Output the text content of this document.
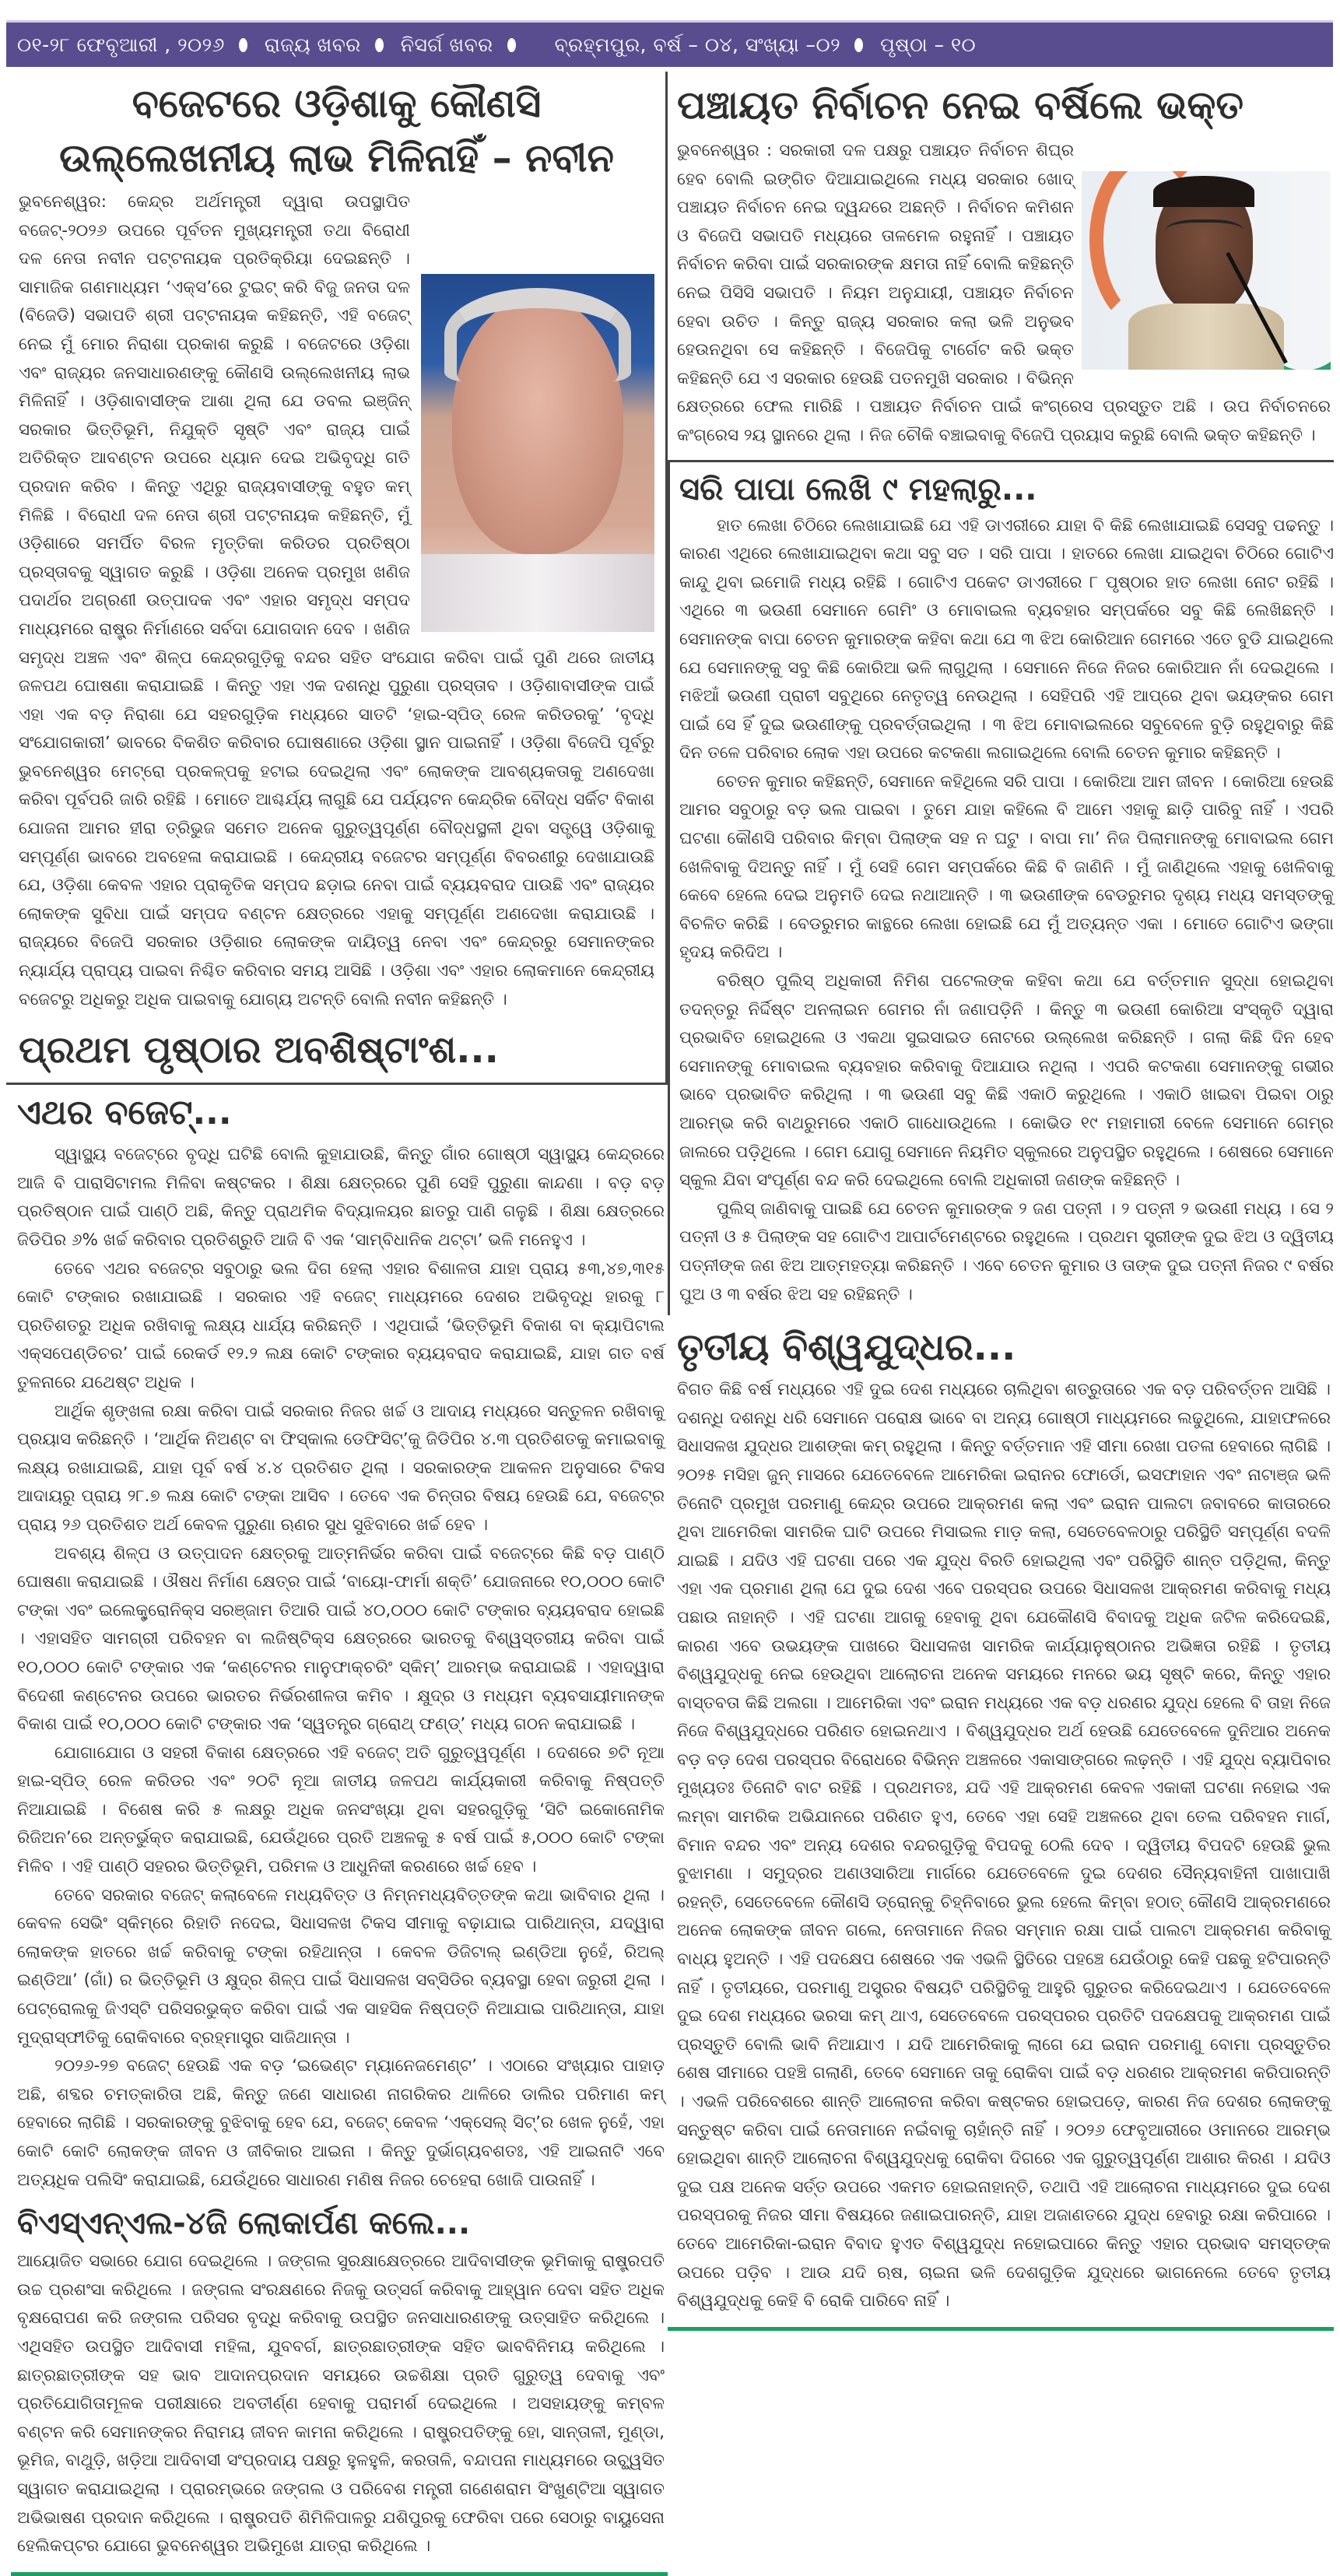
୦୧-୨୮ ଫେବୃଆରୀ , ୨୦୨୬ ରାଜ୍ୟ ଖବର ନିସର୍ଗ ଖବର	ବ୍ରହ୍ମପୁର, ବର୍ଷ – ୦୪, ସଂଖ୍ୟା –୦୨ ପୃଷ୍ଠା – ୧୦
ବଜେଟରେ ଓଡ଼ିଶାକୁ କୌଣସି
ଉଲ୍ଲେଖନୀୟ ଲାଭ ମିଳିନାହିଁ – ନବୀନ

ଭୁବନେଶ୍ୱର: କେନ୍ଦ୍ର ଅର୍ଥମନ୍ତ୍ରୀ ଦ୍ୱାରା ଉପସ୍ଥାପିତ ବଜେଟ୍-୨୦୨୬ ଉପରେ ପୂର୍ବତନ ମୁଖ୍ୟମନ୍ତ୍ରୀ ତଥା ବିରୋଧୀ ଦଳ ନେତା ନବୀନ ପଟ୍ଟନାୟକ ପ୍ରତିକ୍ରିୟା ଦେଇଛନ୍ତି । ସାମାଜିକ ଗଣମାଧ୍ୟମ ‘ଏକ୍ସ’ରେ ଟୁଇଟ୍ କରି ବିଜୁ ଜନତା ଦଳ (ବିଜେଡି) ସଭାପତି ଶ୍ରୀ ପଟ୍ଟନାୟକ କହିଛନ୍ତି, ଏହି ବଜେଟ୍ ନେଇ ମୁଁ ମୋର ନିରାଶା ପ୍ରକାଶ କରୁଛି । ବଜେଟରେ ଓଡ଼ିଶା ଏବଂ ରାଜ୍ୟର ଜନସାଧାରଣଙ୍କୁ କୌଣସି ଉଲ୍ଲେଖନୀୟ ଲାଭ ମିଳିନାହିଁ । ଓଡ଼ିଶାବାସୀଙ୍କ ଆଶା ଥିଲା ଯେ ଡବଲ ଇଞ୍ଜିନ୍ ସରକାର ଭିତ୍ତିଭୂମି, ନିଯୁକ୍ତି ସୃଷ୍ଟି ଏବଂ ରାଜ୍ୟ ପାଇଁ ଅତିରିକ୍ତ ଆବଣ୍ଟନ ଉପରେ ଧ୍ୟାନ ଦେଇ ଅଭିବୃଦ୍ଧି ଗତି ପ୍ରଦାନ କରିବ । କିନ୍ତୁ ଏଥିରୁ ରାଜ୍ୟବାସୀଙ୍କୁ ବହୁତ କମ୍ ମିଳିଛି । ବିରୋଧୀ ଦଳ ନେତା ଶ୍ରୀ ପଟ୍ଟନାୟକ କହିଛନ୍ତି, ମୁଁ ଓଡ଼ିଶାରେ ସମର୍ପିତ ବିରଳ ମୃତ୍ତିକା କରିଡର ପ୍ରତିଷ୍ଠା ପ୍ରସ୍ତାବକୁ ସ୍ୱାଗତ କରୁଛି । ଓଡ଼ିଶା ଅନେକ ପ୍ରମୁଖ ଖଣିଜ ପଦାର୍ଥର ଅଗ୍ରଣୀ ଉତ୍ପାଦକ ଏବଂ ଏହାର ସମୃଦ୍ଧ ସମ୍ପଦ ମାଧ୍ୟମରେ ରାଷ୍ଟ୍ର ନିର୍ମାଣରେ ସର୍ବଦା ଯୋଗଦାନ ଦେବ । ଖଣିଜ ସମୃଦ୍ଧ ଅଞ୍ଚଳ ଏବଂ ଶିଳ୍ପ କେନ୍ଦ୍ରଗୁଡ଼ିକୁ ବନ୍ଦର ସହିତ ସଂଯୋଗ କରିବା ପାଇଁ ପୁଣି ଥରେ ଜାତୀୟ ଜଳପଥ ଘୋଷଣା କରାଯାଇଛି । କିନ୍ତୁ ଏହା ଏକ ଦଶନ୍ଧି ପୁରୁଣା ପ୍ରସ୍ତାବ । ଓଡ଼ିଶାବାସୀଙ୍କ ପାଇଁ ଏହା ଏକ ବଡ଼ ନିରାଶା ଯେ ସହରଗୁଡ଼ିକ ମଧ୍ୟରେ ସାତଟି ‘ହାଇ-ସ୍ପିଡ୍ ରେଳ କରିଡରକୁ’ ‘ବୃଦ୍ଧି ସଂଯୋଗକାରୀ’ ଭାବରେ ବିକଶିତ କରିବାର ଘୋଷଣାରେ ଓଡ଼ିଶା ସ୍ଥାନ ପାଇନାହିଁ । ଓଡ଼ିଶା ବିଜେପି ପୂର୍ବରୁ ଭୁବନେଶ୍ୱର ମେଟ୍ରୋ ପ୍ରକଳ୍ପକୁ ହଟାଇ ଦେଇଥିଲା ଏବଂ ଲୋକଙ୍କ ଆବଶ୍ୟକତାକୁ ଅଣଦେଖା କରିବା ପୂର୍ବପରି ଜାରି ରହିଛି । ମୋତେ ଆଶ୍ଚର୍ଯ୍ୟ ଲାଗୁଛି ଯେ ପର୍ଯ୍ୟଟନ କେନ୍ଦ୍ରିକ ବୌଦ୍ଧ ସର୍କିଟ ବିକାଶ ଯୋଜନା ଆମର ହୀରା ତ୍ରିଭୁଜ ସମେତ ଅନେକ ଗୁରୁତ୍ୱପୂର୍ଣ୍ଣ ବୌଦ୍ଧସ୍ଥଳୀ ଥିବା ସତ୍ତ୍ୱେ ଓଡ଼ିଶାକୁ ସମ୍ପୂର୍ଣ୍ଣ ଭାବରେ ଅବହେଳା କରାଯାଇଛି । କେନ୍ଦ୍ରୀୟ ବଜେଟର ସମ୍ପୂର୍ଣ୍ଣ ବିବରଣୀରୁ ଦେଖାଯାଉଛି ଯେ, ଓଡ଼ିଶା କେବଳ ଏହାର ପ୍ରାକୃତିକ ସମ୍ପଦ ଛଡ଼ାଇ ନେବା ପାଇଁ ବ୍ୟୟବରାଦ ପାଉଛି ଏବଂ ରାଜ୍ୟର ଲୋକଙ୍କ ସୁବିଧା ପାଇଁ ସମ୍ପଦ ବଣ୍ଟନ କ୍ଷେତ୍ରରେ ଏହାକୁ ସମ୍ପୂର୍ଣ୍ଣ ଅଣଦେଖା କରାଯାଉଛି । ରାଜ୍ୟରେ ବିଜେପି ସରକାର ଓଡ଼ିଶାର ଲୋକଙ୍କ ଦାୟିତ୍ୱ ନେବା ଏବଂ କେନ୍ଦ୍ରରୁ ସେମାନଙ୍କର ନ୍ୟାର୍ଯ୍ୟ ପ୍ରାପ୍ୟ ପାଇବା ନିଶ୍ଚିତ କରିବାର ସମୟ ଆସିଛି । ଓଡ଼ିଶା ଏବଂ ଏହାର ଲୋକମାନେ କେନ୍ଦ୍ରୀୟ ବଜେଟରୁ ଅଧିକରୁ ଅଧିକ ପାଇବାକୁ ଯୋଗ୍ୟ ଅଟନ୍ତି ବୋଲି ନବୀନ କହିଛନ୍ତି ।

ପ୍ରଥମ ପୃଷ୍ଠାର ଅବଶିଷ୍ଟାଂଶ...
ଏଥର ବଜେଟ୍...

ସ୍ୱାସ୍ଥ୍ୟ ବଜେଟ୍‌ରେ ବୃଦ୍ଧି ଘଟିଛି ବୋଲି କୁହାଯାଉଛି, କିନ୍ତୁ ଗାଁର ଗୋଷ୍ଠୀ ସ୍ୱାସ୍ଥ୍ୟ କେନ୍ଦ୍ରରେ ଆଜି ବି ପାରାସିଟାମଲ ମିଳିବା କଷ୍ଟକର । ଶିକ୍ଷା କ୍ଷେତ୍ରରେ ପୁଣି ସେହି ପୁରୁଣା କାନ୍ଦଣା । ବଡ଼ ବଡ଼ ପ୍ରତିଷ୍ଠାନ ପାଇଁ ପାଣ୍ଠି ଅଛି, କିନ୍ତୁ ପ୍ରାଥମିକ ବିଦ୍ୟାଳୟର ଛାତରୁ ପାଣି ଗଳୁଛି । ଶିକ୍ଷା କ୍ଷେତ୍ରରେ ଜିଡିପିର ୬% ଖର୍ଚ୍ଚ କରିବାର ପ୍ରତିଶ୍ରୁତି ଆଜି ବି ଏକ ‘ସାମ୍ବିଧାନିକ ଥଟ୍ଟା’ ଭଳି ମନେହୁଏ ।

ତେବେ ଏଥର ବଜେଟ୍‌ର ସବୁଠାରୁ ଭଲ ଦିଗ ହେଲା ଏହାର ବିଶାଳତା ଯାହା ପ୍ରାୟ ୫୩,୪୭,୩୧୫ କୋଟି ଟଙ୍କାର ରଖାଯାଇଛି । ସରକାର ଏହି ବଜେଟ୍ ମାଧ୍ୟମରେ ଦେଶର ଅଭିବୃଦ୍ଧି ହାରକୁ ୮ ପ୍ରତିଶତରୁ ଅଧିକ ରଖିବାକୁ ଲକ୍ଷ୍ୟ ଧାର୍ଯ୍ୟ କରିଛନ୍ତି । ଏଥିପାଇଁ ‘ଭିତ୍ତିଭୂମି ବିକାଶ ବା କ୍ୟାପିଟାଲ ଏକ୍ସପେଣ୍ଡିଚର’ ପାଇଁ ରେକର୍ଡ ୧୨.୨ ଲକ୍ଷ କୋଟି ଟଙ୍କାର ବ୍ୟୟବରାଦ କରାଯାଇଛି, ଯାହା ଗତ ବର୍ଷ ତୁଳନାରେ ଯଥେଷ୍ଟ ଅଧିକ ।

ଆର୍ଥିକ ଶୃଙ୍ଖଳା ରକ୍ଷା କରିବା ପାଇଁ ସରକାର ନିଜର ଖର୍ଚ୍ଚ ଓ ଆଦାୟ ମଧ୍ୟରେ ସନ୍ତୁଳନ ରଖିବାକୁ ପ୍ରୟାସ କରିଛନ୍ତି । ‘ଆର୍ଥିକ ନିଅଣ୍ଟ ବା ଫିସ୍କାଲ ଡେଫିସିଟ୍’କୁ ଜିଡିପିର ୪.୩ ପ୍ରତିଶତକୁ କମାଇବାକୁ ଲକ୍ଷ୍ୟ ରଖାଯାଇଛି, ଯାହା ପୂର୍ବ ବର୍ଷ ୪.୪ ପ୍ରତିଶତ ଥିଲା । ସରକାରଙ୍କ ଆକଳନ ଅନୁସାରେ ଟିକସ ଆଦାୟରୁ ପ୍ରାୟ ୨୮.୭ ଲକ୍ଷ କୋଟି ଟଙ୍କା ଆସିବ । ତେବେ ଏକ ଚିନ୍ତାର ବିଷୟ ହେଉଛି ଯେ, ବଜେଟ୍‌ର ପ୍ରାୟ ୨୬ ପ୍ରତିଶତ ଅର୍ଥ କେବଳ ପୁରୁଣା ଋଣର ସୁଧ ସୁଝିବାରେ ଖର୍ଚ୍ଚ ହେବ ।

ଅବଶ୍ୟ ଶିଳ୍ପ ଓ ଉତ୍ପାଦନ କ୍ଷେତ୍ରକୁ ଆତ୍ମନିର୍ଭର କରିବା ପାଇଁ ବଜେଟ୍‌ରେ କିଛି ବଡ଼ ପାଣ୍ଠି ଘୋଷଣା କରାଯାଇଛି । ଔଷଧ ନିର୍ମାଣ କ୍ଷେତ୍ର ପାଇଁ ‘ବାୟୋ-ଫାର୍ମା ଶକ୍ତି’ ଯୋଜନାରେ ୧୦,୦୦୦ କୋଟି ଟଙ୍କା ଏବଂ ଇଲେକ୍ଟ୍ରୋନିକ୍ସ ସରଞ୍ଜାମ ତିଆରି ପାଇଁ ୪୦,୦୦୦ କୋଟି ଟଙ୍କାର ବ୍ୟୟବରାଦ ହୋଇଛି । ଏହାସହିତ ସାମଗ୍ରୀ ପରିବହନ ବା ଲଜିଷ୍ଟିକ୍ସ କ୍ଷେତ୍ରରେ ଭାରତକୁ ବିଶ୍ୱସ୍ତରୀୟ କରିବା ପାଇଁ ୧୦,୦୦୦ କୋଟି ଟଙ୍କାର ଏକ ‘କଣ୍ଟେନର ମାନୁଫାକ୍ଚରିଂ ସ୍କିମ୍’ ଆରମ୍ଭ କରାଯାଇଛି । ଏହାଦ୍ୱାରା ବିଦେଶୀ କଣ୍ଟେନର ଉପରେ ଭାରତର ନିର୍ଭରଶୀଳତା କମିବ । କ୍ଷୁଦ୍ର ଓ ମଧ୍ୟମ ବ୍ୟବସାୟୀମାନଙ୍କ ବିକାଶ ପାଇଁ ୧୦,୦୦୦ କୋଟି ଟଙ୍କାର ଏକ ‘ସ୍ୱତନ୍ତ୍ର ଗ୍ରୋଥ୍ ଫଣ୍ଡ୍’ ମଧ୍ୟ ଗଠନ କରାଯାଇଛି ।

ଯୋଗାଯୋଗ ଓ ସହରୀ ବିକାଶ କ୍ଷେତ୍ରରେ ଏହି ବଜେଟ୍ ଅତି ଗୁରୁତ୍ୱପୂର୍ଣ୍ଣ । ଦେଶରେ ୭ଟି ନୂଆ ହାଇ-ସ୍ପିଡ୍ ରେଳ କରିଡର ଏବଂ ୨୦ଟି ନୂଆ ଜାତୀୟ ଜଳପଥ କାର୍ଯ୍ୟକାରୀ କରିବାକୁ ନିଷ୍ପତ୍ତି ନିଆଯାଇଛି । ବିଶେଷ କରି ୫ ଲକ୍ଷରୁ ଅଧିକ ଜନସଂଖ୍ୟା ଥିବା ସହରଗୁଡ଼ିକୁ ‘ସିଟି ଇକୋନୋମିକ ରିଜିଅନ’ରେ ଅନ୍ତର୍ଭୁକ୍ତ କରାଯାଇଛି, ଯେଉଁଥିରେ ପ୍ରତି ଅଞ୍ଚଳକୁ ୫ ବର୍ଷ ପାଇଁ ୫,୦୦୦ କୋଟି ଟଙ୍କା ମିଳିବ । ଏହି ପାଣ୍ଠି ସହରର ଭିତ୍ତିଭୂମି, ପରିମଳ ଓ ଆଧୁନିକୀ କରଣରେ ଖର୍ଚ୍ଚ ହେବ ।

ତେବେ ସରକାର ବଜେଟ୍ କଲାବେଳେ ମଧ୍ୟବିତ୍ତ ଓ ନିମ୍ନମଧ୍ୟବିତ୍ତଙ୍କ କଥା ଭାବିବାର ଥିଲା । କେବଳ ସେଭିଂ ସ୍କିମ୍‌ରେ ରିହାତି ନଦେଇ, ସିଧାସଳଖ ଟିକସ ସୀମାକୁ ବଢ଼ାଯାଇ ପାରିଥାନ୍ତା, ଯଦ୍ୱାରା ଲୋକଙ୍କ ହାତରେ ଖର୍ଚ୍ଚ କରିବାକୁ ଟଙ୍କା ରହିଥାନ୍ତା । କେବଳ ଡିଜିଟାଲ୍ ଇଣ୍ଡିଆ ନୁହେଁ, ରିଅଲ୍ ଇଣ୍ଡିଆ’ (ଗାଁ) ର ଭିତ୍ତିଭୂମି ଓ କ୍ଷୁଦ୍ର ଶିଳ୍ପ ପାଇଁ ସିଧାସଳଖ ସବ୍‌ସିଡିର ବ୍ୟବସ୍ଥା ହେବା ଜରୁରୀ ଥିଲା । ପେଟ୍ରୋଲକୁ ଜିଏସ୍‌ଟି ପରିସରଭୁକ୍ତ କରିବା ପାଇଁ ଏକ ସାହସିକ ନିଷ୍ପତ୍ତି ନିଆଯାଇ ପାରିଥାନ୍ତା, ଯାହା ମୁଦ୍ରାସ୍ଫୀତିକୁ ରୋକିବାରେ ବ୍ରହ୍ମାସ୍ତ୍ର ସାଜିଥାନ୍ତା ।

୨୦୨୬-୨୭ ବଜେଟ୍ ହେଉଛି ଏକ ବଡ଼ ‘ଇଭେଣ୍ଟ ମ୍ୟାନେଜମେଣ୍ଟ’ । ଏଠାରେ ସଂଖ୍ୟାର ପାହାଡ଼ ଅଛି, ଶବ୍ଦର ଚମତ୍କାରିତା ଅଛି, କିନ୍ତୁ ଜଣେ ସାଧାରଣ ନାଗରିକର ଥାଳିରେ ଡାଲିର ପରିମାଣ କମ୍ ହେବାରେ ଲାଗିଛି । ସରକାରଙ୍କୁ ବୁଝିବାକୁ ହେବ ଯେ, ବଜେଟ୍ କେବଳ ‘ଏକ୍ସେଲ୍ ସିଟ୍’ର ଖେଳ ନୁହେଁ, ଏହା କୋଟି କୋଟି ଲୋକଙ୍କ ଜୀବନ ଓ ଜୀବିକାର ଆଇନା । କିନ୍ତୁ ଦୁର୍ଭାଗ୍ୟବଶତଃ, ଏହି ଆଇନାଟି ଏବେ ଅତ୍ୟଧିକ ପଲିସିଂ କରାଯାଇଛି, ଯେଉଁଥିରେ ସାଧାରଣ ମଣିଷ ନିଜର ଚେହେରା ଖୋଜି ପାଉନାହିଁ ।

ବିଏସ୍‌ଏନ୍‌ଏଲ-୪ଜି ଲୋକାର୍ପଣ କଲେ...

ଆୟୋଜିତ ସଭାରେ ଯୋଗ ଦେଇଥିଲେ । ଜଙ୍ଗଲ ସୁରକ୍ଷାକ୍ଷେତ୍ରରେ ଆଦିବାସୀଙ୍କ ଭୂମିକାକୁ ରାଷ୍ଟ୍ରପତି ଉଚ୍ଚ ପ୍ରଶଂସା କରିଥିଲେ । ଜଙ୍ଗଲ ସଂରକ୍ଷଣରେ ନିଜକୁ ଉତ୍ସର୍ଗ କରିବାକୁ ଆହ୍ୱାନ ଦେବା ସହିତ ଅଧିକ ବୃକ୍ଷରୋପଣ କରି ଜଙ୍ଗଲ ପରିସର ବୃଦ୍ଧି କରିବାକୁ ଉପସ୍ଥିତ ଜନସାଧାରଣଙ୍କୁ ଉତ୍ସାହିତ କରିଥିଲେ । ଏଥିସହିତ ଉପସ୍ଥିତ ଆଦିବାସୀ ମହିଳା, ଯୁବବର୍ଗ, ଛାତ୍ରଛାତ୍ରୀଙ୍କ ସହିତ ଭାବବିନିମୟ କରିଥିଲେ । ଛାତ୍ରଛାତ୍ରୀଙ୍କ ସହ ଭାବ ଆଦାନପ୍ରଦାନ ସମୟରେ ଉଚ୍ଚଶିକ୍ଷା ପ୍ରତି ଗୁରୁତ୍ୱ ଦେବାକୁ ଏବଂ ପ୍ରତିଯୋଗିତାମୂଳକ ପରୀକ୍ଷାରେ ଅବତୀର୍ଣ୍ଣ ହେବାକୁ ପରାମର୍ଶ ଦେଇଥିଲେ । ଅସହାୟଙ୍କୁ କମ୍ବଳ ବଣ୍ଟନ କରି ସେମାନଙ୍କର ନିରାମୟ ଜୀବନ କାମନା କରିଥିଲେ । ରାଷ୍ଟ୍ରପତିଙ୍କୁ ହୋ, ସାନ୍ତାଳୀ, ମୁଣ୍ଡା, ଭୂମିଜ, ବାଥୁଡ଼ି, ଖଡ଼ିଆ ଆଦିବାସୀ ସଂପ୍ରଦାୟ ପକ୍ଷରୁ ହୁଳହୁଳି, କରତାଳି, ବନ୍ଦାପନା ମାଧ୍ୟମରେ ଉଚ୍ଛ୍ୱସିତ ସ୍ୱାଗତ କରାଯାଇଥିଲା । ପ୍ରାରମ୍ଭରେ ଜଙ୍ଗଲ ଓ ପରିବେଶ ମନ୍ତ୍ରୀ ଗଣେଶରାମ ସିଂଖୁଣ୍ଟିଆ ସ୍ୱାଗତ ଅଭିଭାଷଣ ପ୍ରଦାନ କରିଥିଲେ । ରାଷ୍ଟ୍ରପତି ଶିମିଳିପାଳରୁ ଯଶିପୁରକୁ ଫେରିବା ପରେ ସେଠାରୁ ବାୟୁସେନା ହେଲିକପ୍ଟର ଯୋଗେ ଭୁବନେଶ୍ୱର ଅଭିମୁଖେ ଯାତ୍ରା କରିଥିଲେ ।

ପଞ୍ଚାୟତ ନିର୍ବାଚନ ନେଇ ବର୍ଷିଲେ ଭକ୍ତ

ଭୁବନେଶ୍ୱର : ସରକାରୀ ଦଳ ପକ୍ଷରୁ ପଞ୍ଚାୟତ ନିର୍ବାଚନ ଶିଘ୍ର ହେବ ବୋଲି ଇଙ୍ଗିତ ଦିଆଯାଇଥିଲେ ମଧ୍ୟ ସରକାର ଖୋଦ୍ ପଞ୍ଚାୟତ ନିର୍ବାଚନ ନେଇ ଦ୍ୱନ୍ଦରେ ଅଛନ୍ତି । ନିର୍ବାଚନ କମିଶନ ଓ ବିଜେପି ସଭାପତି ମଧ୍ୟରେ ତାଳମେଳ ରହୁନାହିଁ । ପଞ୍ଚାୟତ ନିର୍ବାଚନ କରିବା ପାଇଁ ସରକାରଙ୍କ କ୍ଷମତା ନାହିଁ ବୋଲି କହିଛନ୍ତି ନେଇ ପିସିସି ସଭାପତି । ନିୟମ ଅନୁଯାୟୀ, ପଞ୍ଚାୟତ ନିର୍ବାଚନ ହେବା ଉଚିତ । କିନ୍ତୁ ରାଜ୍ୟ ସରକାର କଲା ଭଳି ଅନୁଭବ ହେଉନଥିବା ସେ କହିଛନ୍ତି । ବିଜେପିକୁ ଟାର୍ଗେଟ କରି ଭକ୍ତ କହିଛନ୍ତି ଯେ ଏ ସରକାର ହେଉଛି ପତନମୁଖି ସରକାର । ବିଭିନ୍ନ କ୍ଷେତ୍ରରେ ଫେଲ ମାରିଛି । ପଞ୍ଚାୟତ ନିର୍ବାଚନ ପାଇଁ କଂଗ୍ରେସ ପ୍ରସ୍ତୁତ ଅଛି । ଉପ ନିର୍ବାଚନରେ କଂଗ୍ରେସ ୨ୟ ସ୍ଥାନରେ ଥିଲା । ନିଜ ଚୌକି ବଞ୍ଚାଇବାକୁ ବିଜେପି ପ୍ରୟାସ କରୁଛି ବୋଲି ଭକ୍ତ କହିଛନ୍ତି ।

ସରି ପାପା ଲେଖି ୯ ମହଲାରୁ...

ହାତ ଲେଖା ଚିଠିରେ ଲେଖାଯାଇଛି ଯେ ଏହି ଡାଏରୀରେ ଯାହା ବି କିଛି ଲେଖାଯାଇଛି ସେସବୁ ପଢନ୍ତୁ । କାରଣ ଏଥିରେ ଲେଖାଯାଇଥିବା କଥା ସବୁ ସତ । ସରି ପାପା । ହାତରେ ଲେଖା ଯାଇଥିବା ଚିଠିରେ ଗୋଟିଏ କାନ୍ଦୁ ଥିବା ଇମୋଜି ମଧ୍ୟ ରହିଛି । ଗୋଟିଏ ପକେଟ ଡାଏରୀରେ ୮ ପୃଷ୍ଠାର ହାତ ଲେଖା ନୋଟ ରହିଛି । ଏଥିରେ ୩ ଭଉଣୀ ସେମାନେ ଗେମିଂ ଓ ମୋବାଇଲ ବ୍ୟବହାର ସମ୍ପର୍କରେ ସବୁ କିଛି ଲେଖିଛନ୍ତି । ସେମାନଙ୍କ ବାପା ଚେତନ କୁମାରଙ୍କ କହିବା କଥା ଯେ ୩ ଝିଅ କୋରିଆନ ଗେମରେ ଏତେ ବୁଡି ଯାଇଥିଲେ ଯେ ସେମାନଙ୍କୁ ସବୁ କିଛି କୋରିଆ ଭଳି ଲାଗୁଥିଲା । ସେମାନେ ନିଜେ ନିଜର କୋରିଆନ ନାଁ ଦେଇଥିଲେ । ମଝିଆଁ ଭଉଣୀ ପ୍ରାଚୀ ସବୁଥିରେ ନେତୃତ୍ୱ ନେଉଥିଲା । ସେହିପରି ଏହି ଆପ୍‌ରେ ଥିବା ଭୟଙ୍କର ଗେମ ପାଇଁ ସେ ହିଁ ଦୁଇ ଭଉଣୀଙ୍କୁ ପ୍ରବର୍ତ୍ତାଇଥିଲା । ୩ ଝିଅ ମୋବାଇଲରେ ସବୁବେଳେ ବୁଡ଼ି ରହୁଥିବାରୁ କିଛି ଦିନ ତଳେ ପରିବାର ଲୋକ ଏହା ଉପରେ କଟକଣା ଲଗାଇଥିଲେ ବୋଲି ଚେତନ କୁମାର କହିଛନ୍ତି ।

ଚେତନ କୁମାର କହିଛନ୍ତି, ସେମାନେ କହିଥିଲେ ସରି ପାପା । କୋରିଆ ଆମ ଜୀବନ । କୋରିଆ ହେଉଛି ଆମର ସବୁଠାରୁ ବଡ଼ ଭଲ ପାଇବା । ତୁମେ ଯାହା କହିଲେ ବି ଆମେ ଏହାକୁ ଛାଡ଼ି ପାରିବୁ ନାହିଁ । ଏପରି ଘଟଣା କୌଣସି ପରିବାର କିମ୍ବା ପିଲାଙ୍କ ସହ ନ ଘଟୁ । ବାପା ମା’ ନିଜ ପିଲାମାନଙ୍କୁ ମୋବାଇଲ ଗେମ ଖେଳିବାକୁ ଦିଅନ୍ତୁ ନାହିଁ । ମୁଁ ସେହି ଗେମ ସମ୍ପର୍କରେ କିଛି ବି ଜାଣିନି । ମୁଁ ଜାଣିଥିଲେ ଏହାକୁ ଖେଳିବାକୁ କେବେ ହେଲେ ଦେଇ ଅନୁମତି ଦେଇ ନଥାଆନ୍ତି । ୩ ଭଉଣୀଙ୍କ ବେଡରୁମର ଦୃଶ୍ୟ ମଧ୍ୟ ସମସ୍ତଙ୍କୁ ବିଚଳିତ କରିଛି । ବେଡରୁମର କାନ୍ଥରେ ଲେଖା ହୋଇଛି ଯେ ମୁଁ ଅତ୍ୟନ୍ତ ଏକା । ମୋତେ ଗୋଟିଏ ଭଙ୍ଗା ହୃଦୟ କରିଦିଅ ।

ବରିଷ୍ଠ ପୁଲିସ୍ ଅଧିକାରୀ ନିମିଶ ପଟେଲଙ୍କ କହିବା କଥା ଯେ ବର୍ତ୍ତମାନ ସୁଦ୍ଧା ହୋଇଥିବା ତଦନ୍ତରୁ ନିର୍ଦ୍ଦିଷ୍ଟ ଅନଲାଇନ ଗେମର ନାଁ ଜଣାପଡ଼ିନି । କିନ୍ତୁ ୩ ଭଉଣୀ କୋରିଆ ସଂସ୍କୃତି ଦ୍ୱାରା ପ୍ରଭାବିତ ହୋଇଥିଲେ ଓ ଏକଥା ସୁଇସାଇଡ ନୋଟରେ ଉଲ୍ଲେଖ କରିଛନ୍ତି । ଗଲା କିଛି ଦିନ ହେବ ସେମାନଙ୍କୁ ମୋବାଇଲ ବ୍ୟବହାର କରିବାକୁ ଦିଆଯାଉ ନଥିଲା । ଏପରି କଟକଣା ସେମାନଙ୍କୁ ଗଭୀର ଭାବେ ପ୍ରଭାବିତ କରିଥିଲା । ୩ ଭଉଣୀ ସବୁ କିଛି ଏକାଠି କରୁଥିଲେ । ଏକାଠି ଖାଇବା ପିଇବା ଠାରୁ ଆରମ୍ଭ କରି ବାଥରୁମରେ ଏକାଠି ଗାଧୋଉଥିଲେ । କୋଭିଡ ୧୯ ମହାମାରୀ ବେଳେ ସେମାନେ ଗେମ୍‌ର ଜାଲରେ ପଡ଼ିଥିଲେ । ଗେମ ଯୋଗୁ ସେମାନେ ନିୟମିତ ସ୍କୁଲରେ ଅନୁପସ୍ଥିତ ରହୁଥିଲେ । ଶେଷରେ ସେମାନେ ସ୍କୁଲ ଯିବା ସଂପୂର୍ଣ୍ଣ ବନ୍ଦ କରି ଦେଇଥିଲେ ବୋଲି ଅଧିକାରୀ ଜଣଙ୍କ କହିଛନ୍ତି ।

ପୁଲିସ୍ ଜାଣିବାକୁ ପାଇଛି ଯେ ଚେତନ କୁମାରଙ୍କ ୨ ଜଣ ପତ୍ନୀ । ୨ ପତ୍ନୀ ୨ ଭଉଣୀ ମଧ୍ୟ । ସେ ୨ ପତ୍ନୀ ଓ ୫ ପିଲାଙ୍କ ସହ ଗୋଟିଏ ଆପାର୍ଟମେଣ୍ଟରେ ରହୁଥିଲେ । ପ୍ରଥମ ସ୍ତ୍ରୀଙ୍କ ଦୁଇ ଝିଅ ଓ ଦ୍ୱିତୀୟ ପତ୍ନୀଙ୍କ ଜଣ ଝିଅ ଆତ୍ମହତ୍ୟା କରିଛନ୍ତି । ଏବେ ଚେତନ କୁମାର ଓ ତାଙ୍କ ଦୁଇ ପତ୍ନୀ ନିଜର ୯ ବର୍ଷର ପୁଅ ଓ ୩ ବର୍ଷର ଝିଅ ସହ ରହିଛନ୍ତି ।

ତୃତୀୟ ବିଶ୍ୱଯୁଦ୍ଧର...

ବିଗତ କିଛି ବର୍ଷ ମଧ୍ୟରେ ଏହି ଦୁଇ ଦେଶ ମଧ୍ୟରେ ଚାଲିଥିବା ଶତ୍ରୁତାରେ ଏକ ବଡ଼ ପରିବର୍ତ୍ତନ ଆସିଛି । ଦଶନ୍ଧି ଦଶନ୍ଧି ଧରି ସେମାନେ ପରୋକ୍ଷ ଭାବେ ବା ଅନ୍ୟ ଗୋଷ୍ଠୀ ମାଧ୍ୟମରେ ଲଢୁଥିଲେ, ଯାହାଫଳରେ ସିଧାସଳଖ ଯୁଦ୍ଧର ଆଶଙ୍କା କମ୍ ରହୁଥିଲା । କିନ୍ତୁ ବର୍ତ୍ତମାନ ଏହି ସୀମା ରେଖା ପତଳା ହେବାରେ ଲାଗିଛି । ୨୦୨୫ ମସିହା ଜୁନ୍ ମାସରେ ଯେତେବେଳେ ଆମେରିକା ଇରାନର ଫୋର୍ଡୋ, ଇସଫାହାନ ଏବଂ ନାଟାଞ୍ଜ ଭଳି ତିନୋଟି ପ୍ରମୁଖ ପରମାଣୁ କେନ୍ଦ୍ର ଉପରେ ଆକ୍ରମଣ କଲା ଏବଂ ଇରାନ ପାଲଟା ଜବାବରେ କାତାରରେ ଥିବା ଆମେରିକା ସାମରିକ ଘାଟି ଉପରେ ମିସାଇଲ ମାଡ଼ କଲା, ସେତେବେଳଠାରୁ ପରିସ୍ଥିତି ସମ୍ପୂର୍ଣ୍ଣ ବଦଳି ଯାଇଛି । ଯଦିଓ ଏହି ଘଟଣା ପରେ ଏକ ଯୁଦ୍ଧ ବିରତି ହୋଇଥିଲା ଏବଂ ପରିସ୍ଥିତି ଶାନ୍ତ ପଡ଼ିଥିଲା, କିନ୍ତୁ ଏହା ଏକ ପ୍ରମାଣ ଥିଲା ଯେ ଦୁଇ ଦେଶ ଏବେ ପରସ୍ପର ଉପରେ ସିଧାସଳଖ ଆକ୍ରମଣ କରିବାକୁ ମଧ୍ୟ ପଛାଉ ନାହାନ୍ତି । ଏହି ଘଟଣା ଆଗକୁ ହେବାକୁ ଥିବା ଯେକୌଣସି ବିବାଦକୁ ଅଧିକ ଜଟିଳ କରିଦେଇଛି, କାରଣ ଏବେ ଉଭୟଙ୍କ ପାଖରେ ସିଧାସଳଖ ସାମରିକ କାର୍ଯ୍ୟାନୁଷ୍ଠାନର ଅଭିଜ୍ଞତା ରହିଛି । ତୃତୀୟ ବିଶ୍ୱଯୁଦ୍ଧକୁ ନେଇ ହେଉଥିବା ଆଲୋଚନା ଅନେକ ସମୟରେ ମନରେ ଭୟ ସୃଷ୍ଟି କରେ, କିନ୍ତୁ ଏହାର ବାସ୍ତବତା କିଛି ଅଲଗା । ଆମେରିକା ଏବଂ ଇରାନ ମଧ୍ୟରେ ଏକ ବଡ଼ ଧରଣର ଯୁଦ୍ଧ ହେଲେ ବି ତାହା ନିଜେ ନିଜେ ବିଶ୍ୱଯୁଦ୍ଧରେ ପରିଣତ ହୋଇନଥାଏ । ବିଶ୍ୱଯୁଦ୍ଧର ଅର୍ଥ ହେଉଛି ଯେତେବେଳେ ଦୁନିଆର ଅନେକ ବଡ଼ ବଡ଼ ଦେଶ ପରସ୍ପର ବିରୋଧରେ ବିଭିନ୍ନ ଅଞ୍ଚଳରେ ଏକାସାଙ୍ଗରେ ଲଢ଼ନ୍ତି । ଏହି ଯୁଦ୍ଧ ବ୍ୟାପିବାର ମୁଖ୍ୟତଃ ତିନୋଟି ବାଟ ରହିଛି । ପ୍ରଥମତଃ, ଯଦି ଏହି ଆକ୍ରମଣ କେବଳ ଏକାକୀ ଘଟଣା ନହୋଇ ଏକ ଲମ୍ବା ସାମରିକ ଅଭିଯାନରେ ପରିଣତ ହୁଏ, ତେବେ ଏହା ସେହି ଅଞ୍ଚଳରେ ଥିବା ତେଲ ପରିବହନ ମାର୍ଗ, ବିମାନ ବନ୍ଦର ଏବଂ ଅନ୍ୟ ଦେଶର ବନ୍ଦରଗୁଡ଼ିକୁ ବିପଦକୁ ଠେଲି ଦେବ । ଦ୍ୱିତୀୟ ବିପଦଟି ହେଉଛି ଭୁଲ ବୁଝାମଣା । ସମୁଦ୍ରର ଅଣଓସାରିଆ ମାର୍ଗରେ ଯେତେବେଳେ ଦୁଇ ଦେଶର ସୈନ୍ୟବାହିନୀ ପାଖାପାଖି ରହନ୍ତି, ସେତେବେଳେ କୌଣସି ଡ୍ରୋନ୍‌କୁ ଚିହ୍ନିବାରେ ଭୁଲ ହେଲେ କିମ୍ବା ହଠାତ୍ କୌଣସି ଆକ୍ରମଣରେ ଅନେକ ଲୋକଙ୍କ ଜୀବନ ଗଲେ, ନେତାମାନେ ନିଜର ସମ୍ମାନ ରକ୍ଷା ପାଇଁ ପାଲଟା ଆକ୍ରମଣ କରିବାକୁ ବାଧ୍ୟ ହୁଅନ୍ତି । ଏହି ପଦକ୍ଷେପ ଶେଷରେ ଏକ ଏଭଳି ସ୍ଥିତିରେ ପହଞ୍ଚେ ଯେଉଁଠାରୁ କେହି ପଛକୁ ହଟିପାରନ୍ତି ନାହିଁ । ତୃତୀୟରେ, ପରମାଣୁ ଅସ୍ତ୍ରର ବିଷୟଟି ପରିସ୍ଥିତିକୁ ଆହୁରି ଗୁରୁତର କରିଦେଇଥାଏ । ଯେତେବେଳେ ଦୁଇ ଦେଶ ମଧ୍ୟରେ ଭରସା କମ୍ ଥାଏ, ସେତେବେଳେ ପରସ୍ପରର ପ୍ରତିଟି ପଦକ୍ଷେପକୁ ଆକ୍ରମଣ ପାଇଁ ପ୍ରସ୍ତୁତି ବୋଲି ଭାବି ନିଆଯାଏ । ଯଦି ଆମେରିକାକୁ ଲାଗେ ଯେ ଇରାନ ପରମାଣୁ ବୋମା ପ୍ରସ୍ତୁତିର ଶେଷ ସୀମାରେ ପହଞ୍ଚି ଗଲାଣି, ତେବେ ସେମାନେ ତାକୁ ରୋକିବା ପାଇଁ ବଡ଼ ଧରଣର ଆକ୍ରମଣ କରିପାରନ୍ତି । ଏଭଳି ପରିବେଶରେ ଶାନ୍ତି ଆଲୋଚନା କରିବା କଷ୍ଟକର ହୋଇପଡ଼େ, କାରଣ ନିଜ ଦେଶର ଲୋକଙ୍କୁ ସନ୍ତୁଷ୍ଟ କରିବା ପାଇଁ ନେତାମାନେ ନଇଁବାକୁ ଚାହାଁନ୍ତି ନାହିଁ । ୨୦୨୬ ଫେବୃଆରୀରେ ଓମାନରେ ଆରମ୍ଭ ହୋଇଥିବା ଶାନ୍ତି ଆଲୋଚନା ବିଶ୍ୱଯୁଦ୍ଧକୁ ରୋକିବା ଦିଗରେ ଏକ ଗୁରୁତ୍ୱପୂର୍ଣ୍ଣ ଆଶାର କିରଣ । ଯଦିଓ ଦୁଇ ପକ୍ଷ ଅନେକ ସର୍ତ୍ତ ଉପରେ ଏକମତ ହୋଇନାହାନ୍ତି, ତଥାପି ଏହି ଆଲୋଚନା ମାଧ୍ୟମରେ ଦୁଇ ଦେଶ ପରସ୍ପରକୁ ନିଜର ସୀମା ବିଷୟରେ ଜଣାଇପାରନ୍ତି, ଯାହା ଅଜାଣତରେ ଯୁଦ୍ଧ ହେବାରୁ ରକ୍ଷା କରିପାରେ । ତେବେ ଆମେରିକା-ଇରାନ ବିବାଦ ହୁଏତ ବିଶ୍ୱଯୁଦ୍ଧ ନହୋଇପାରେ କିନ୍ତୁ ଏହାର ପ୍ରଭାବ ସମସ୍ତଙ୍କ ଉପରେ ପଡ଼ିବ । ଆଉ ଯଦି ଋଷ, ଚାଇନା ଭଳି ଦେଶଗୁଡ଼ିକ ଯୁଦ୍ଧରେ ଭାଗନେଲେ ତେବେ ତୃତୀୟ ବିଶ୍ୱଯୁଦ୍ଧକୁ କେହି ବି ରୋକି ପାରିବେ ନାହିଁ ।
